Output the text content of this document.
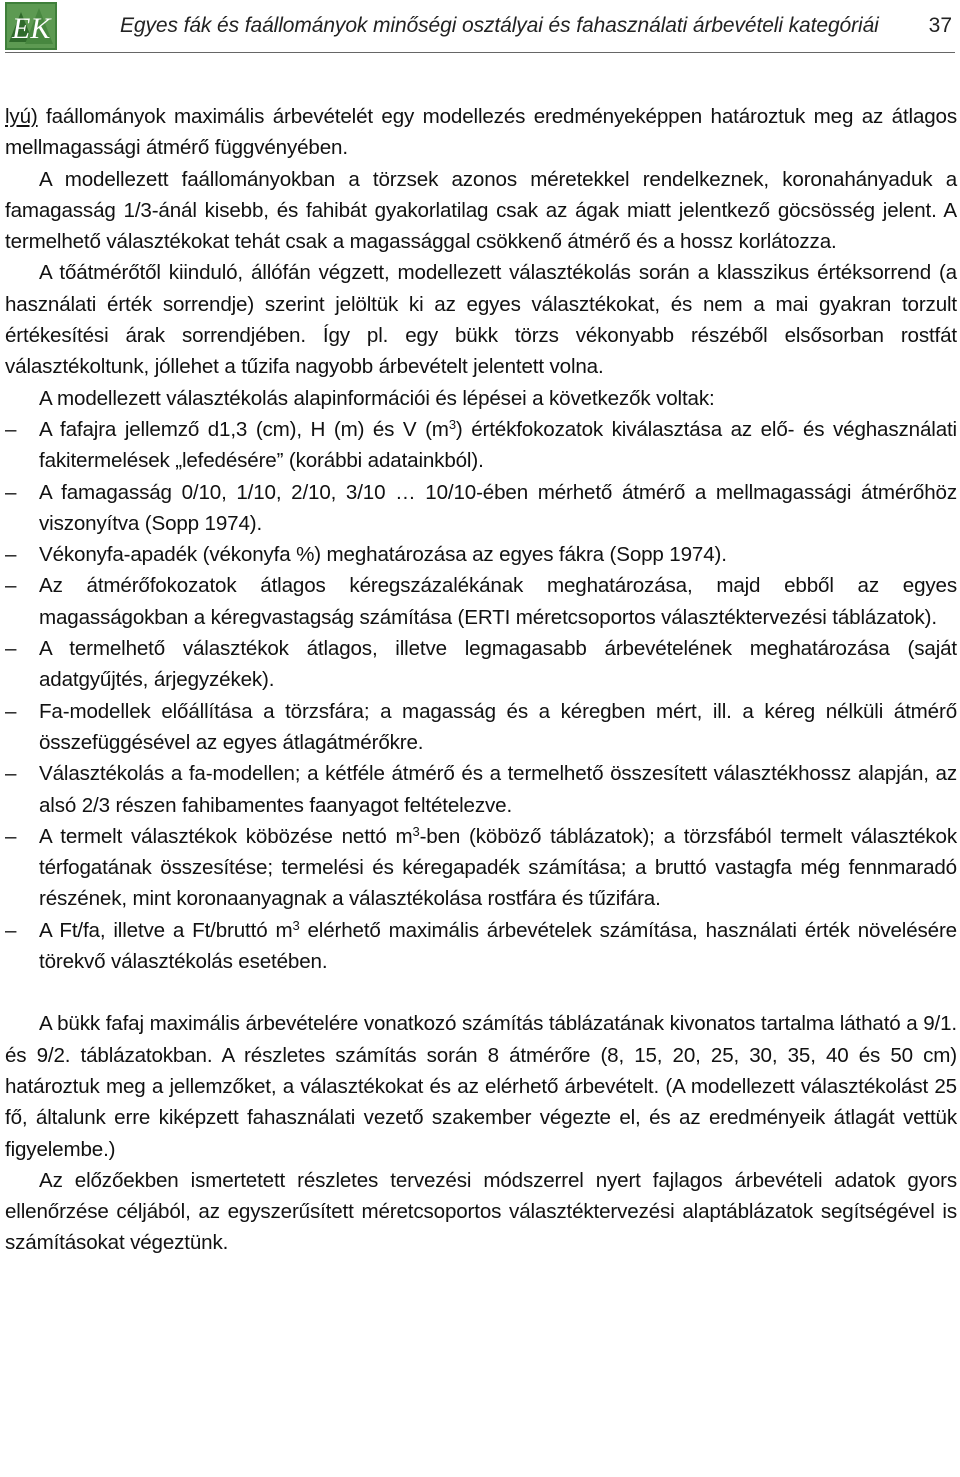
EK	Egyes fák és faállományok minőségi osztályai és fahasználati árbevételi kategóriái 37

lyú) faállományok maximális árbevételét egy modellezés eredményeképpen határoztuk meg az átlagos mellmagassági átmérő függvényében.

A modellezett faállományokban a törzsek azonos méretekkel rendelkeznek, koronahányaduk a famagasság 1/3-ánál kisebb, és fahibát gyakorlatilag csak az ágak miatt jelentkező göcsösség jelent. A termelhető választékokat tehát csak a magassággal csökkenő átmérő és a hossz korlátozza.

A tőátmérőtől kiinduló, állófán végzett, modellezett választékolás során a klasszikus értéksorrend (a használati érték sorrendje) szerint jelöltük ki az egyes választékokat, és nem a mai gyakran torzult értékesítési árak sorrendjében. Így pl. egy bükk törzs vékonyabb részéből elsősorban rostfát választékoltunk, jóllehet a tűzifa nagyobb árbevételt jelentett volna.

A modellezett választékolás alapinformációi és lépései a következők voltak:

–	A fafajra jellemző d1,3 (cm), H (m) és V $(m^3)$ értékfokozatok kiválasztása az elő- és véghasználati fakitermelések „lefedésére” (korábbi adatainkból).
–	A famagasság 0/10, 1/10, 2/10, 3/10 … 10/10-ében mérhető átmérő a mellmagassági átmérőhöz viszonyítva (Sopp 1974).
–	Vékonyfa-apadék (vékonyfa %) meghatározása az egyes fákra (Sopp 1974).
–	Az átmérőfokozatok átlagos kéregszázalékának meghatározása, majd ebből az egyes magasságokban a kéregvastagság számítása (ERTI méretcsoportos választéktervezési táblázatok).
–	A termelhető választékok átlagos, illetve legmagasabb árbevételének meghatározása (saját adatgyűjtés, árjegyzékek).
–	Fa-modellek előállítása a törzsfára; a magasság és a kéregben mért, ill. a kéreg nélküli átmérő összefüggésével az egyes átlagátmérőkre.
–	Választékolás a fa-modellen; a kétféle átmérő és a termelhető összesített választékhossz alapján, az alsó 2/3 részen fahibamentes faanyagot feltételezve.
–	A termelt választékok köbözése nettó $m^3$-ben (köböző táblázatok); a törzsfából termelt választékok térfogatának összesítése; termelési és kéregapadék számítása; a bruttó vastagfa még fennmaradó részének, mint koronaanyagnak a választékolása rostfára és tűzifára.
–	A Ft/fa, illetve a Ft/bruttó $m^3$ elérhető maximális árbevételek számítása, használati érték növelésére törekvő választékolás esetében.

A bükk fafaj maximális árbevételére vonatkozó számítás táblázatának kivonatos tartalma látható a 9/1. és 9/2. táblázatokban. A részletes számítás során 8 átmérőre (8, 15, 20, 25, 30, 35, 40 és 50 cm) határoztuk meg a jellemzőket, a választékokat és az elérhető árbevételt. (A modellezett választékolást 25 fő, általunk erre kiképzett fahasználati vezető szakember végezte el, és az eredményeik átlagát vettük figyelembe.)

Az előzőekben ismertetett részletes tervezési módszerrel nyert fajlagos árbevételi adatok gyors ellenőrzése céljából, az egyszerűsített méretcsoportos választéktervezési alaptáblázatok segítségével is számításokat végeztünk.
